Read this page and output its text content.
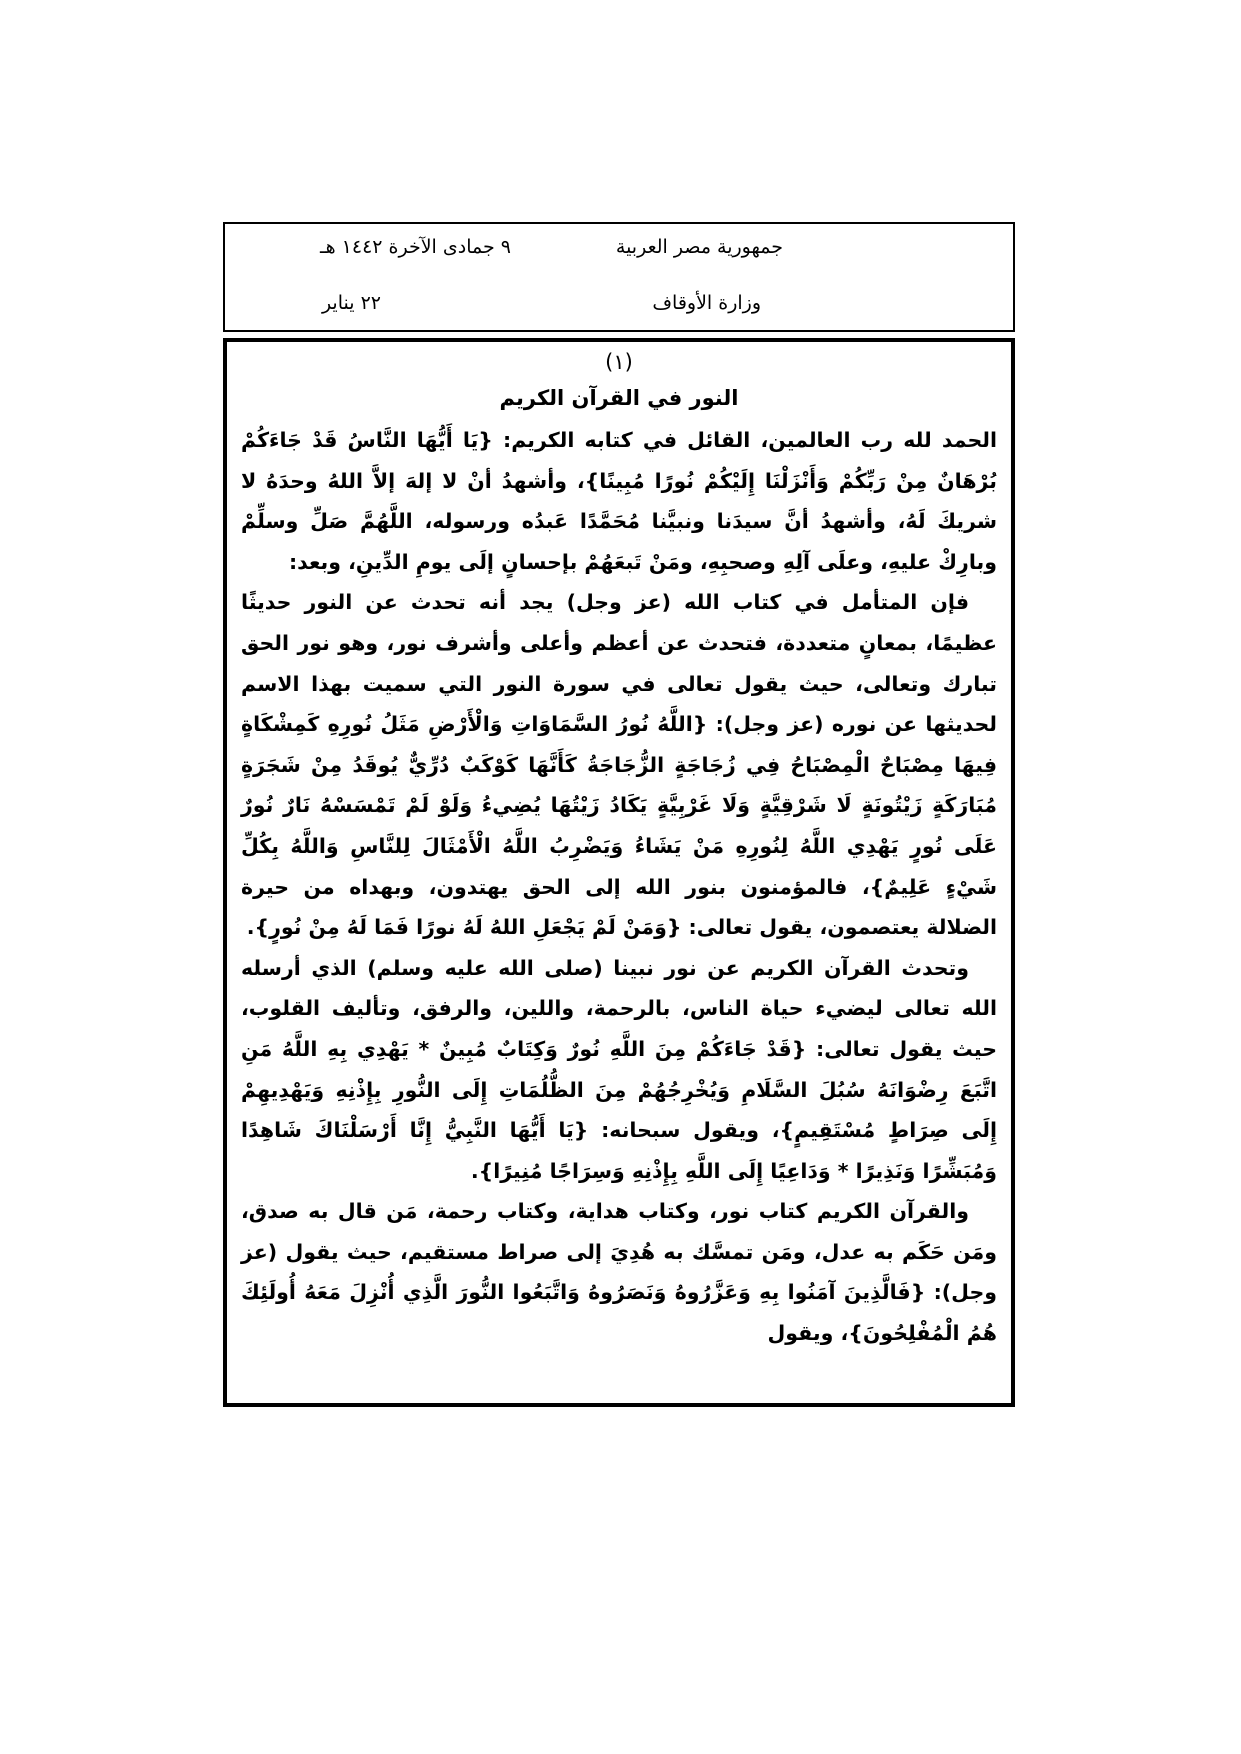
جمهورية مصر العربية
وزارة الأوقاف
٩ جمادى الآخرة ١٤٤٢ هـ
٢٢ يناير
(١)
النور في القرآن الكريم

الحمد لله رب العالمين، القائل في كتابه الكريم: {يَا أَيُّهَا النَّاسُ قَدْ جَاءَكُمْ بُرْهَانٌ مِنْ رَبِّكُمْ وَأَنْزَلْنَا إِلَيْكُمْ نُورًا مُبِينًا}، وأشهدُ أنْ لا إلهَ إلاَّ اللهُ وحدَهُ لا شريكَ لَهُ، وأشهدُ أنَّ سيدَنا ونبيَّنا مُحَمَّدًا عَبدُه ورسوله، اللَّهُمَّ صَلِّ وسلِّمْ وبارِكْ عليهِ، وعلَى آلِهِ وصحبِهِ، ومَنْ تَبعَهُمْ بإحسانٍ إلَى يومِ الدِّينِ، وبعد:

فإن المتأمل في كتاب الله (عز وجل) يجد أنه تحدث عن النور حديثًا عظيمًا، بمعانٍ متعددة، فتحدث عن أعظم وأعلى وأشرف نور، وهو نور الحق تبارك وتعالى، حيث يقول تعالى في سورة النور التي سميت بهذا الاسم لحديثها عن نوره (عز وجل): {اللَّهُ نُورُ السَّمَاوَاتِ وَالْأَرْضِ مَثَلُ نُورِهِ كَمِشْكَاةٍ فِيهَا مِصْبَاحٌ الْمِصْبَاحُ فِي زُجَاجَةٍ الزُّجَاجَةُ كَأَنَّهَا كَوْكَبٌ دُرِّيٌّ يُوقَدُ مِنْ شَجَرَةٍ مُبَارَكَةٍ زَيْتُونَةٍ لَا شَرْقِيَّةٍ وَلَا غَرْبِيَّةٍ يَكَادُ زَيْتُهَا يُضِيءُ وَلَوْ لَمْ تَمْسَسْهُ نَارٌ نُورٌ عَلَى نُورٍ يَهْدِي اللَّهُ لِنُورِهِ مَنْ يَشَاءُ وَيَضْرِبُ اللَّهُ الْأَمْثَالَ لِلنَّاسِ وَاللَّهُ بِكُلِّ شَيْءٍ عَلِيمٌ}، فالمؤمنون بنور الله إلى الحق يهتدون، وبهداه من حيرة الضلالة يعتصمون، يقول تعالى: {وَمَنْ لَمْ يَجْعَلِ اللهُ لَهُ نورًا فَمَا لَهُ مِنْ نُورٍ}.

وتحدث القرآن الكريم عن نور نبينا (صلى الله عليه وسلم) الذي أرسله الله تعالى ليضيء حياة الناس، بالرحمة، واللين، والرفق، وتأليف القلوب، حيث يقول تعالى: {قَدْ جَاءَكُمْ مِنَ اللَّهِ نُورٌ وَكِتَابٌ مُبِينٌ * يَهْدِي بِهِ اللَّهُ مَنِ اتَّبَعَ رِضْوَانَهُ سُبُلَ السَّلَامِ وَيُخْرِجُهُمْ مِنَ الظُّلُمَاتِ إِلَى النُّورِ بِإِذْنِهِ وَيَهْدِيهِمْ إِلَى صِرَاطٍ مُسْتَقِيمٍ}، ويقول سبحانه: {يَا أَيُّهَا النَّبِيُّ إِنَّا أَرْسَلْنَاكَ شَاهِدًا وَمُبَشِّرًا وَنَذِيرًا * وَدَاعِيًا إِلَى اللَّهِ بِإِذْنِهِ وَسِرَاجًا مُنِيرًا}.

والقرآن الكريم كتاب نور، وكتاب هداية، وكتاب رحمة، مَن قال به صدق، ومَن حَكَم به عدل، ومَن تمسَّك به هُدِيَ إلى صراط مستقيم، حيث يقول (عز وجل): {فَالَّذِينَ آمَنُوا بِهِ وَعَزَّرُوهُ وَنَصَرُوهُ وَاتَّبَعُوا النُّورَ الَّذِي أُنْزِلَ مَعَهُ أُولَئِكَ هُمُ الْمُفْلِحُونَ}، ويقول
